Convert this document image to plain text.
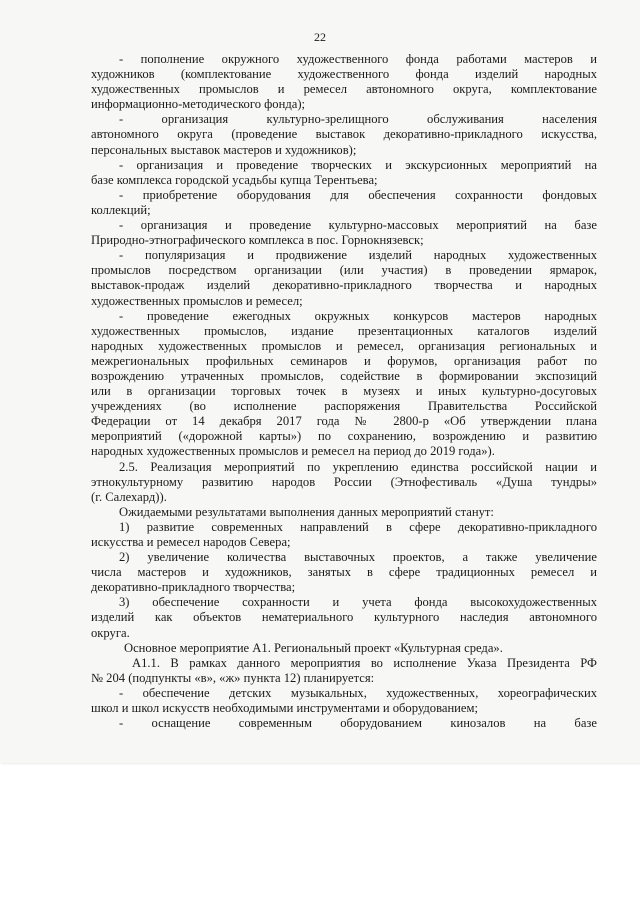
22
- пополнение окружного художественного фонда работами мастеров и
художников (комплектование художественного фонда изделий народных
художественных промыслов и ремесел автономного округа, комплектование
информационно-методического фонда);
- организация культурно-зрелищного обслуживания населения
автономного округа (проведение выставок декоративно-прикладного искусства,
персональных выставок мастеров и художников);
- организация и проведение творческих и экскурсионных мероприятий на
базе комплекса городской усадьбы купца Терентьева;
- приобретение оборудования для обеспечения сохранности фондовых
коллекций;
- организация и проведение культурно-массовых мероприятий на базе
Природно-этнографического комплекса в пос. Горнокнязевск;
- популяризация и продвижение изделий народных художественных
промыслов посредством организации (или участия) в проведении ярмарок,
выставок-продаж изделий декоративно-прикладного творчества и народных
художественных промыслов и ремесел;
- проведение ежегодных окружных конкурсов мастеров народных
художественных промыслов, издание презентационных каталогов изделий
народных художественных промыслов и ремесел, организация региональных и
межрегиональных профильных семинаров и форумов, организация работ по
возрождению утраченных промыслов, содействие в формировании экспозиций
или в организации торговых точек в музеях и иных культурно-досуговых
учреждениях (во исполнение распоряжения Правительства Российской
Федерации от 14 декабря 2017 года № 2800-р «Об утверждении плана
мероприятий («дорожной карты») по сохранению, возрождению и развитию
народных художественных промыслов и ремесел на период до 2019 года»).
2.5. Реализация мероприятий по укреплению единства российской нации и
этнокультурному развитию народов России (Этнофестиваль «Душа тундры»
(г. Салехард)).
Ожидаемыми результатами выполнения данных мероприятий станут:
1) развитие современных направлений в сфере декоративно-прикладного
искусства и ремесел народов Севера;
2) увеличение количества выставочных проектов, а также увеличение
числа мастеров и художников, занятых в сфере традиционных ремесел и
декоративно-прикладного творчества;
3) обеспечение сохранности и учета фонда высокохудожественных
изделий как объектов нематериального культурного наследия автономного
округа.
Основное мероприятие А1. Региональный проект «Культурная среда».
А1.1. В рамках данного мероприятия во исполнение Указа Президента РФ
№ 204 (подпункты «в», «ж» пункта 12) планируется:
- обеспечение детских музыкальных, художественных, хореографических
школ и школ искусств необходимыми инструментами и оборудованием;
- оснащение современным оборудованием кинозалов на базе
